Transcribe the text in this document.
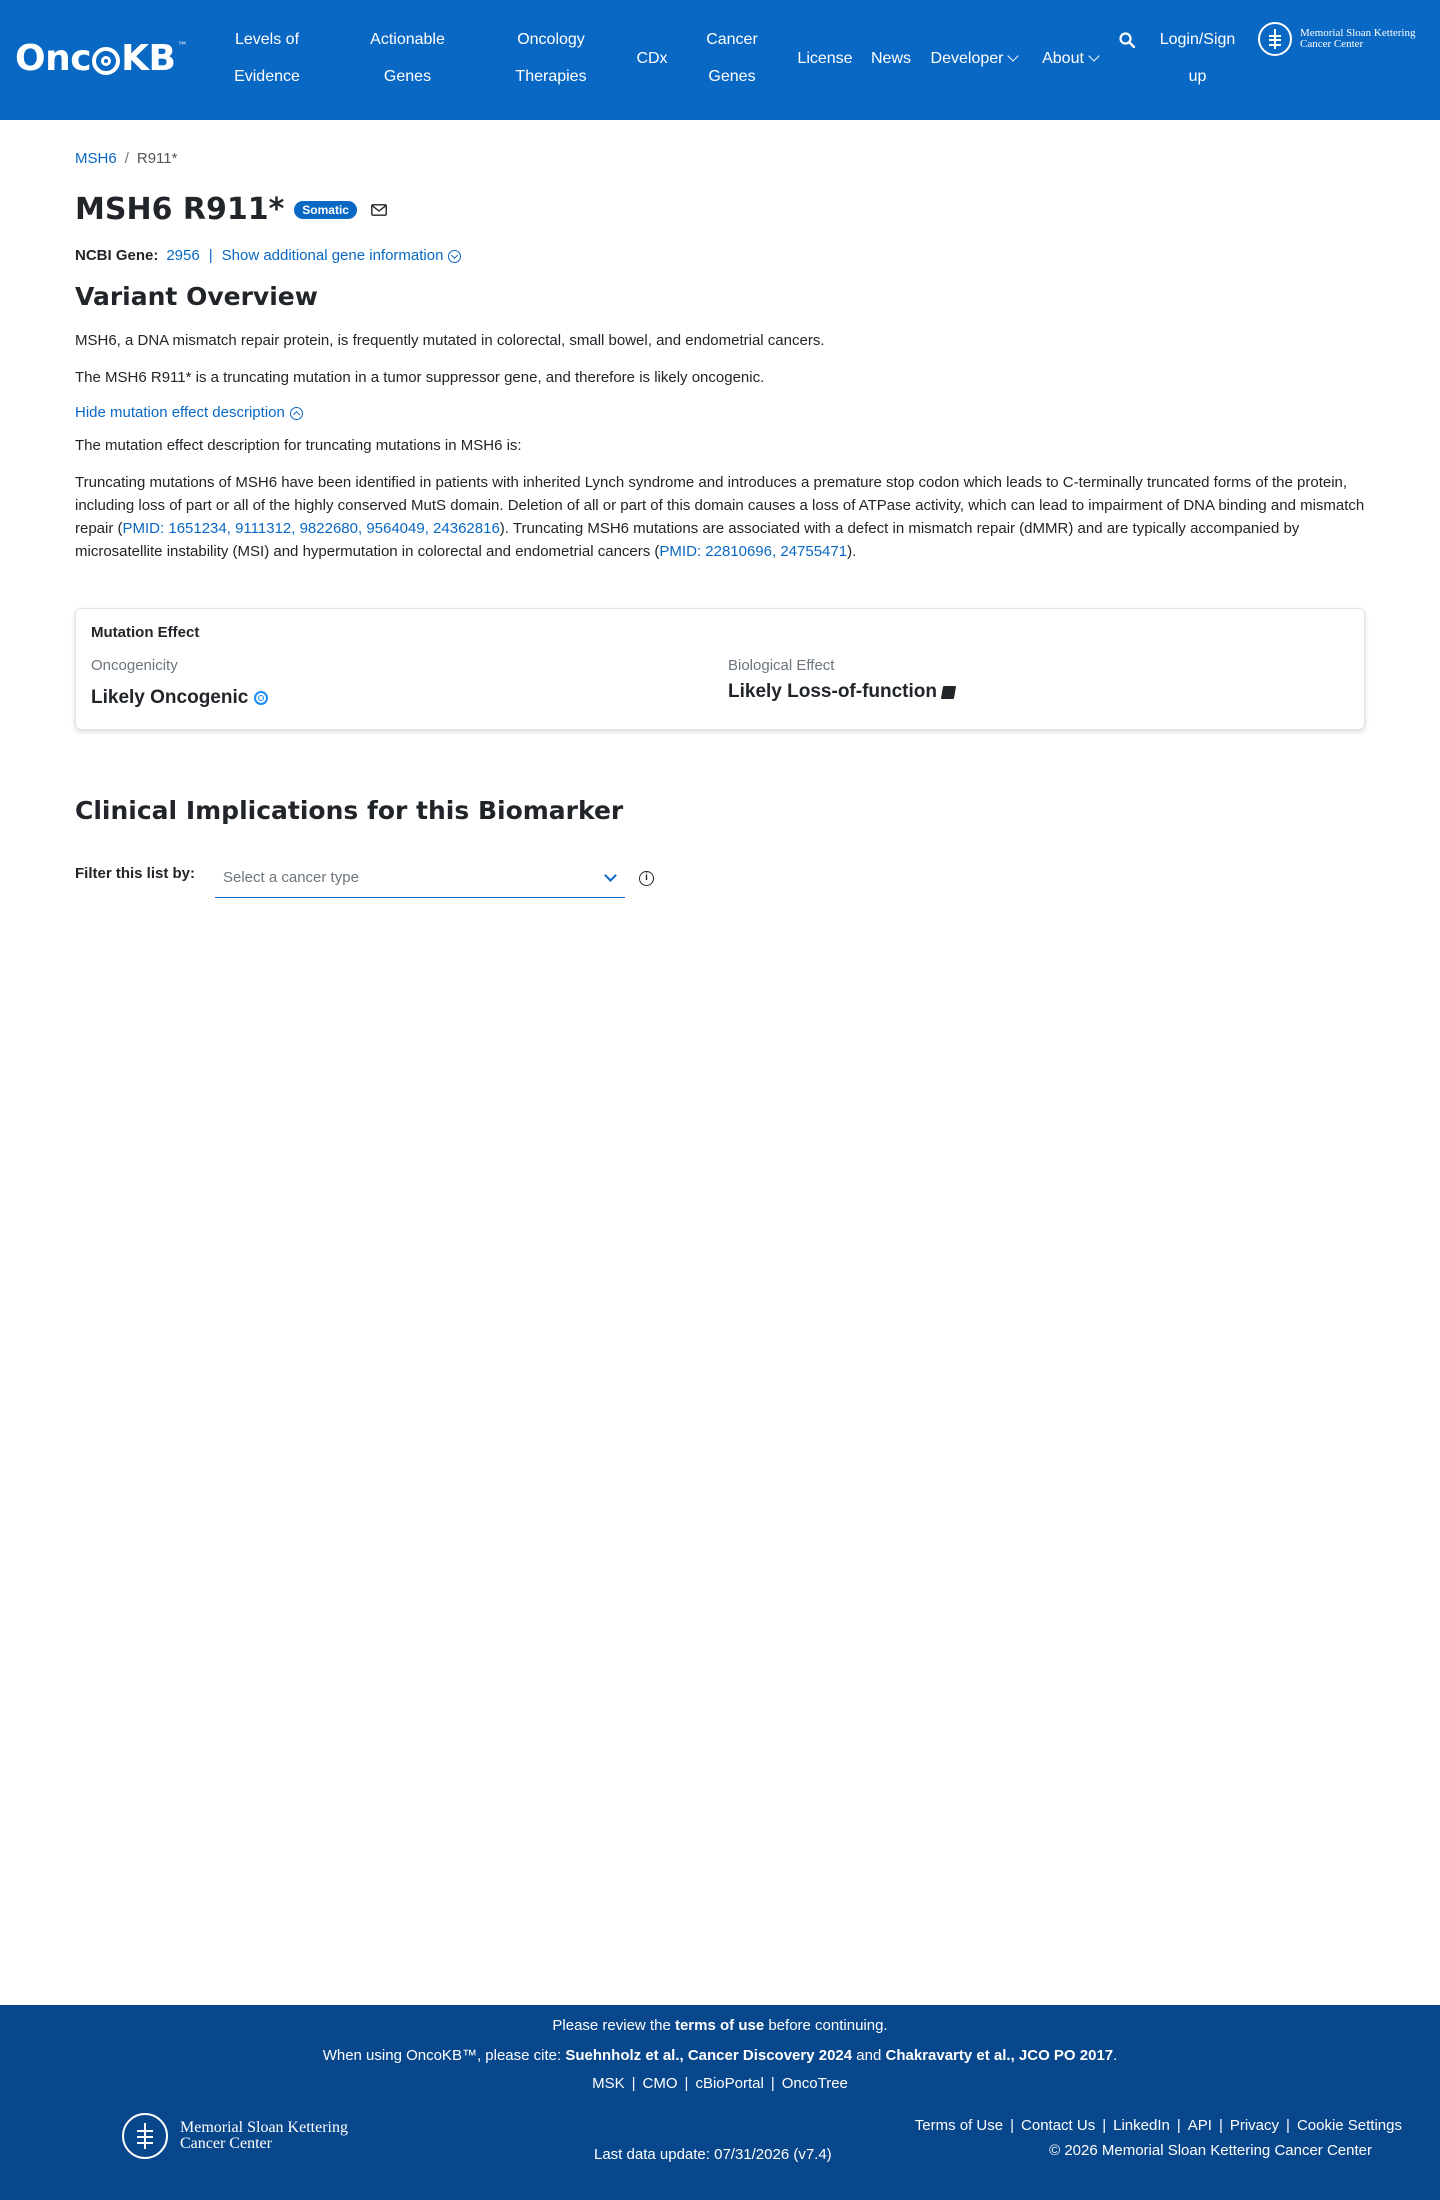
Onc KB ™	Levels of
Evidence
Actionable
Genes
Oncology
Therapies
CDx
Cancer
Genes
License News Developer	About
Login/Sign
up
Memorial Sloan Kettering
Cancer Center
MSH6 / R911*
MSH6 R911*	Somatic
NCBI Gene: 2956 | Show additional gene information
Variant Overview

MSH6, a DNA mismatch repair protein, is frequently mutated in colorectal, small bowel, and endometrial cancers.

The MSH6 R911* is a truncating mutation in a tumor suppressor gene, and therefore is likely oncogenic.

Hide mutation effect description

The mutation effect description for truncating mutations in MSH6 is:

Truncating mutations of MSH6 have been identified in patients with inherited Lynch syndrome and introduces a premature stop codon which leads to C-terminally truncated forms of the protein, including loss of part or all of the highly conserved MutS domain. Deletion of all or part of this domain causes a loss of ATPase activity, which can lead to impairment of DNA binding and mismatch repair (PMID: 1651234, 9111312, 9822680, 9564049, 24362816). Truncating MSH6 mutations are associated with a defect in mismatch repair (dMMR) and are typically accompanied by microsatellite instability (MSI) and hypermutation in colorectal and endometrial cancers (PMID: 22810696, 24755471).

Mutation Effect
Oncogenicity
Likely Oncogenic
Biological Effect
Likely Loss-of-function
Clinical Implications for this Biomarker
Filter this list by:	Select a cancer type	i
Please review the terms of use before continuing.
When using OncoKB™, please cite: Suehnholz et al., Cancer Discovery 2024 and Chakravarty et al., JCO PO 2017.
MSK | CMO | cBioPortal | OncoTree
Memorial Sloan Kettering
Cancer Center
Last data update: 07/31/2026 (v7.4)
Terms of Use | Contact Us | LinkedIn | API | Privacy | Cookie Settings
© 2026 Memorial Sloan Kettering Cancer Center
